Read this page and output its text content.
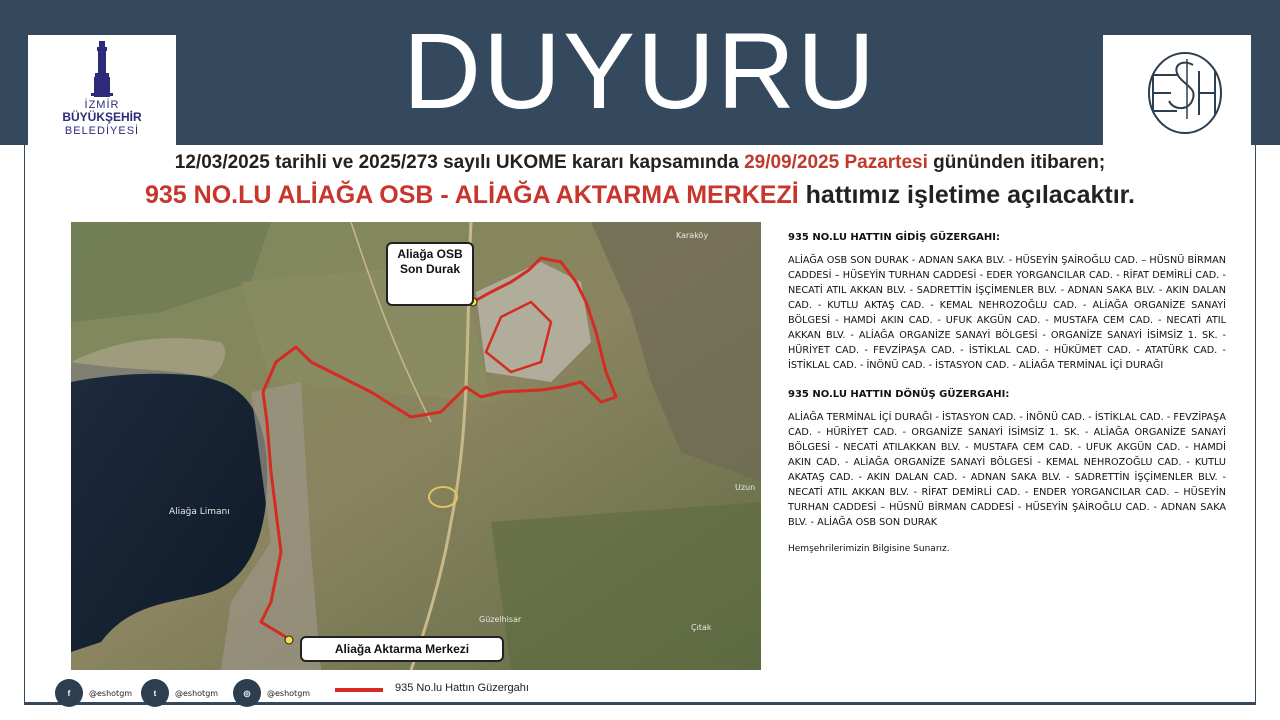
İZMİR
BÜYÜKŞEHİR
BELEDİYESİ	DUYURU
12/03/2025 tarihli ve 2025/273 sayılı UKOME kararı kapsamında 29/09/2025 Pazartesi gününden itibaren;
935 NO.LU ALİAĞA OSB - ALİAĞA AKTARMA MERKEZİ hattımız işletime açılacaktır.
Aliağa Limanı
Karaköy
Güzelhisar
Çıtak
Uzun
Aliağa OSB Son Durak
Aliağa Aktarma Merkezi
935 NO.LU HATTIN GİDİŞ GÜZERGAHI:

ALİAĞA OSB SON DURAK - ADNAN SAKA BLV. - HÜSEYİN ŞAİROĞLU CAD. – HÜSNÜ BİRMAN CADDESİ – HÜSEYİN TURHAN CADDESİ - EDER YORGANCILAR CAD. - RİFAT DEMİRLİ CAD. - NECATİ ATIL AKKAN BLV. - SADRETTİN İŞÇİMENLER BLV. - ADNAN SAKA BLV. - AKIN DALAN CAD. - KUTLU AKTAŞ CAD. - KEMAL NEHROZOĞLU CAD. - ALİAĞA ORGANİZE SANAYİ BÖLGESİ - HAMDİ AKIN CAD. - UFUK AKGÜN CAD. - MUSTAFA CEM CAD. - NECATİ ATIL AKKAN BLV. - ALİAĞA ORGANİZE SANAYİ BÖLGESİ - ORGANİZE SANAYİ İSİMSİZ 1. SK. - HÜRİYET CAD. - FEVZİPAŞA CAD. - İSTİKLAL CAD. - HÜKÜMET CAD. - ATATÜRK CAD. - İSTİKLAL CAD. - İNÖNÜ CAD. - İSTASYON CAD. - ALİAĞA TERMİNAL İÇİ DURAĞI

935 NO.LU HATTIN DÖNÜŞ GÜZERGAHI:

ALİAĞA TERMİNAL İÇİ DURAĞI - İSTASYON CAD. - İNÖNÜ CAD. - İSTİKLAL CAD. - FEVZİPAŞA CAD. - HÜRİYET CAD. - ORGANİZE SANAYİ İSİMSİZ 1. SK. - ALİAĞA ORGANİZE SANAYİ BÖLGESİ - NECATİ ATILAKKAN BLV. - MUSTAFA CEM CAD. - UFUK AKGÜN CAD. - HAMDİ AKIN CAD. - ALİAĞA ORGANİZE SANAYİ BÖLGESİ - KEMAL NEHROZOĞLU CAD. - KUTLU AKATAŞ CAD. - AKIN DALAN CAD. - ADNAN SAKA BLV. - SADRETTİN İŞÇİMENLER BLV. - NECATİ ATIL AKKAN BLV. - RİFAT DEMİRLİ CAD. - ENDER YORGANCILAR CAD. – HÜSEYİN TURHAN CADDESİ – HÜSNÜ BİRMAN CADDESİ - HÜSEYİN ŞAİROĞLU CAD. - ADNAN SAKA BLV. - ALİAĞA OSB SON DURAK

Hemşehrilerimizin Bilgisine Sunarız.

f	@eshotgm	t	@eshotgm	◎	@eshotgm	935 No.lu Hattın Güzergahı
